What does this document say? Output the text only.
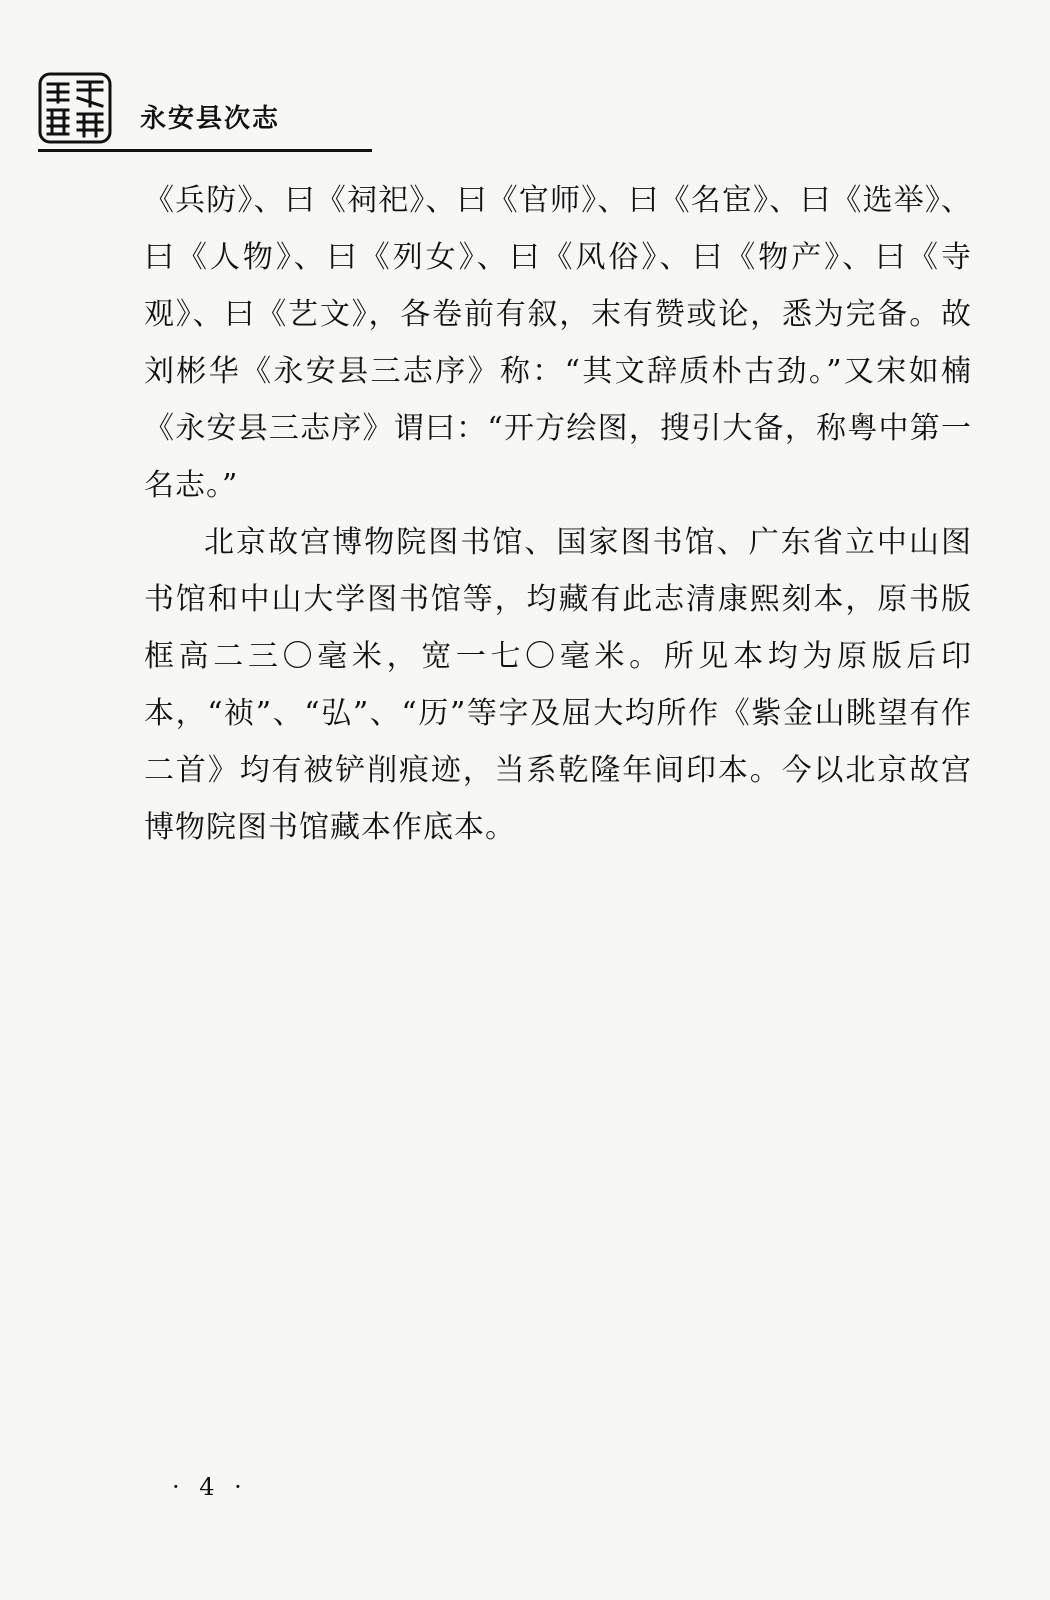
永安县次志

《兵防》、曰《祠祀》、曰《官师》、曰《名宦》、曰《选举》、曰《人物》、曰《列女》、曰《风俗》、曰《物产》、曰《寺观》、曰《艺文》，各卷前有叙，末有赞或论，悉为完备。故刘彬华《永安县三志序》称：“其文辞质朴古劲。”又宋如楠《永安县三志序》谓曰：“开方绘图，搜引大备，称粤中第一名志。”

北京故宫博物院图书馆、国家图书馆、广东省立中山图书馆和中山大学图书馆等，均藏有此志清康熙刻本，原书版框高二三〇毫米，宽一七〇毫米。所见本均为原版后印本，“祯”、“弘”、“历”等字及屈大均所作《紫金山眺望有作二首》均有被铲削痕迹，当系乾隆年间印本。今以北京故宫博物院图书馆藏本作底本。

· 4 ·
